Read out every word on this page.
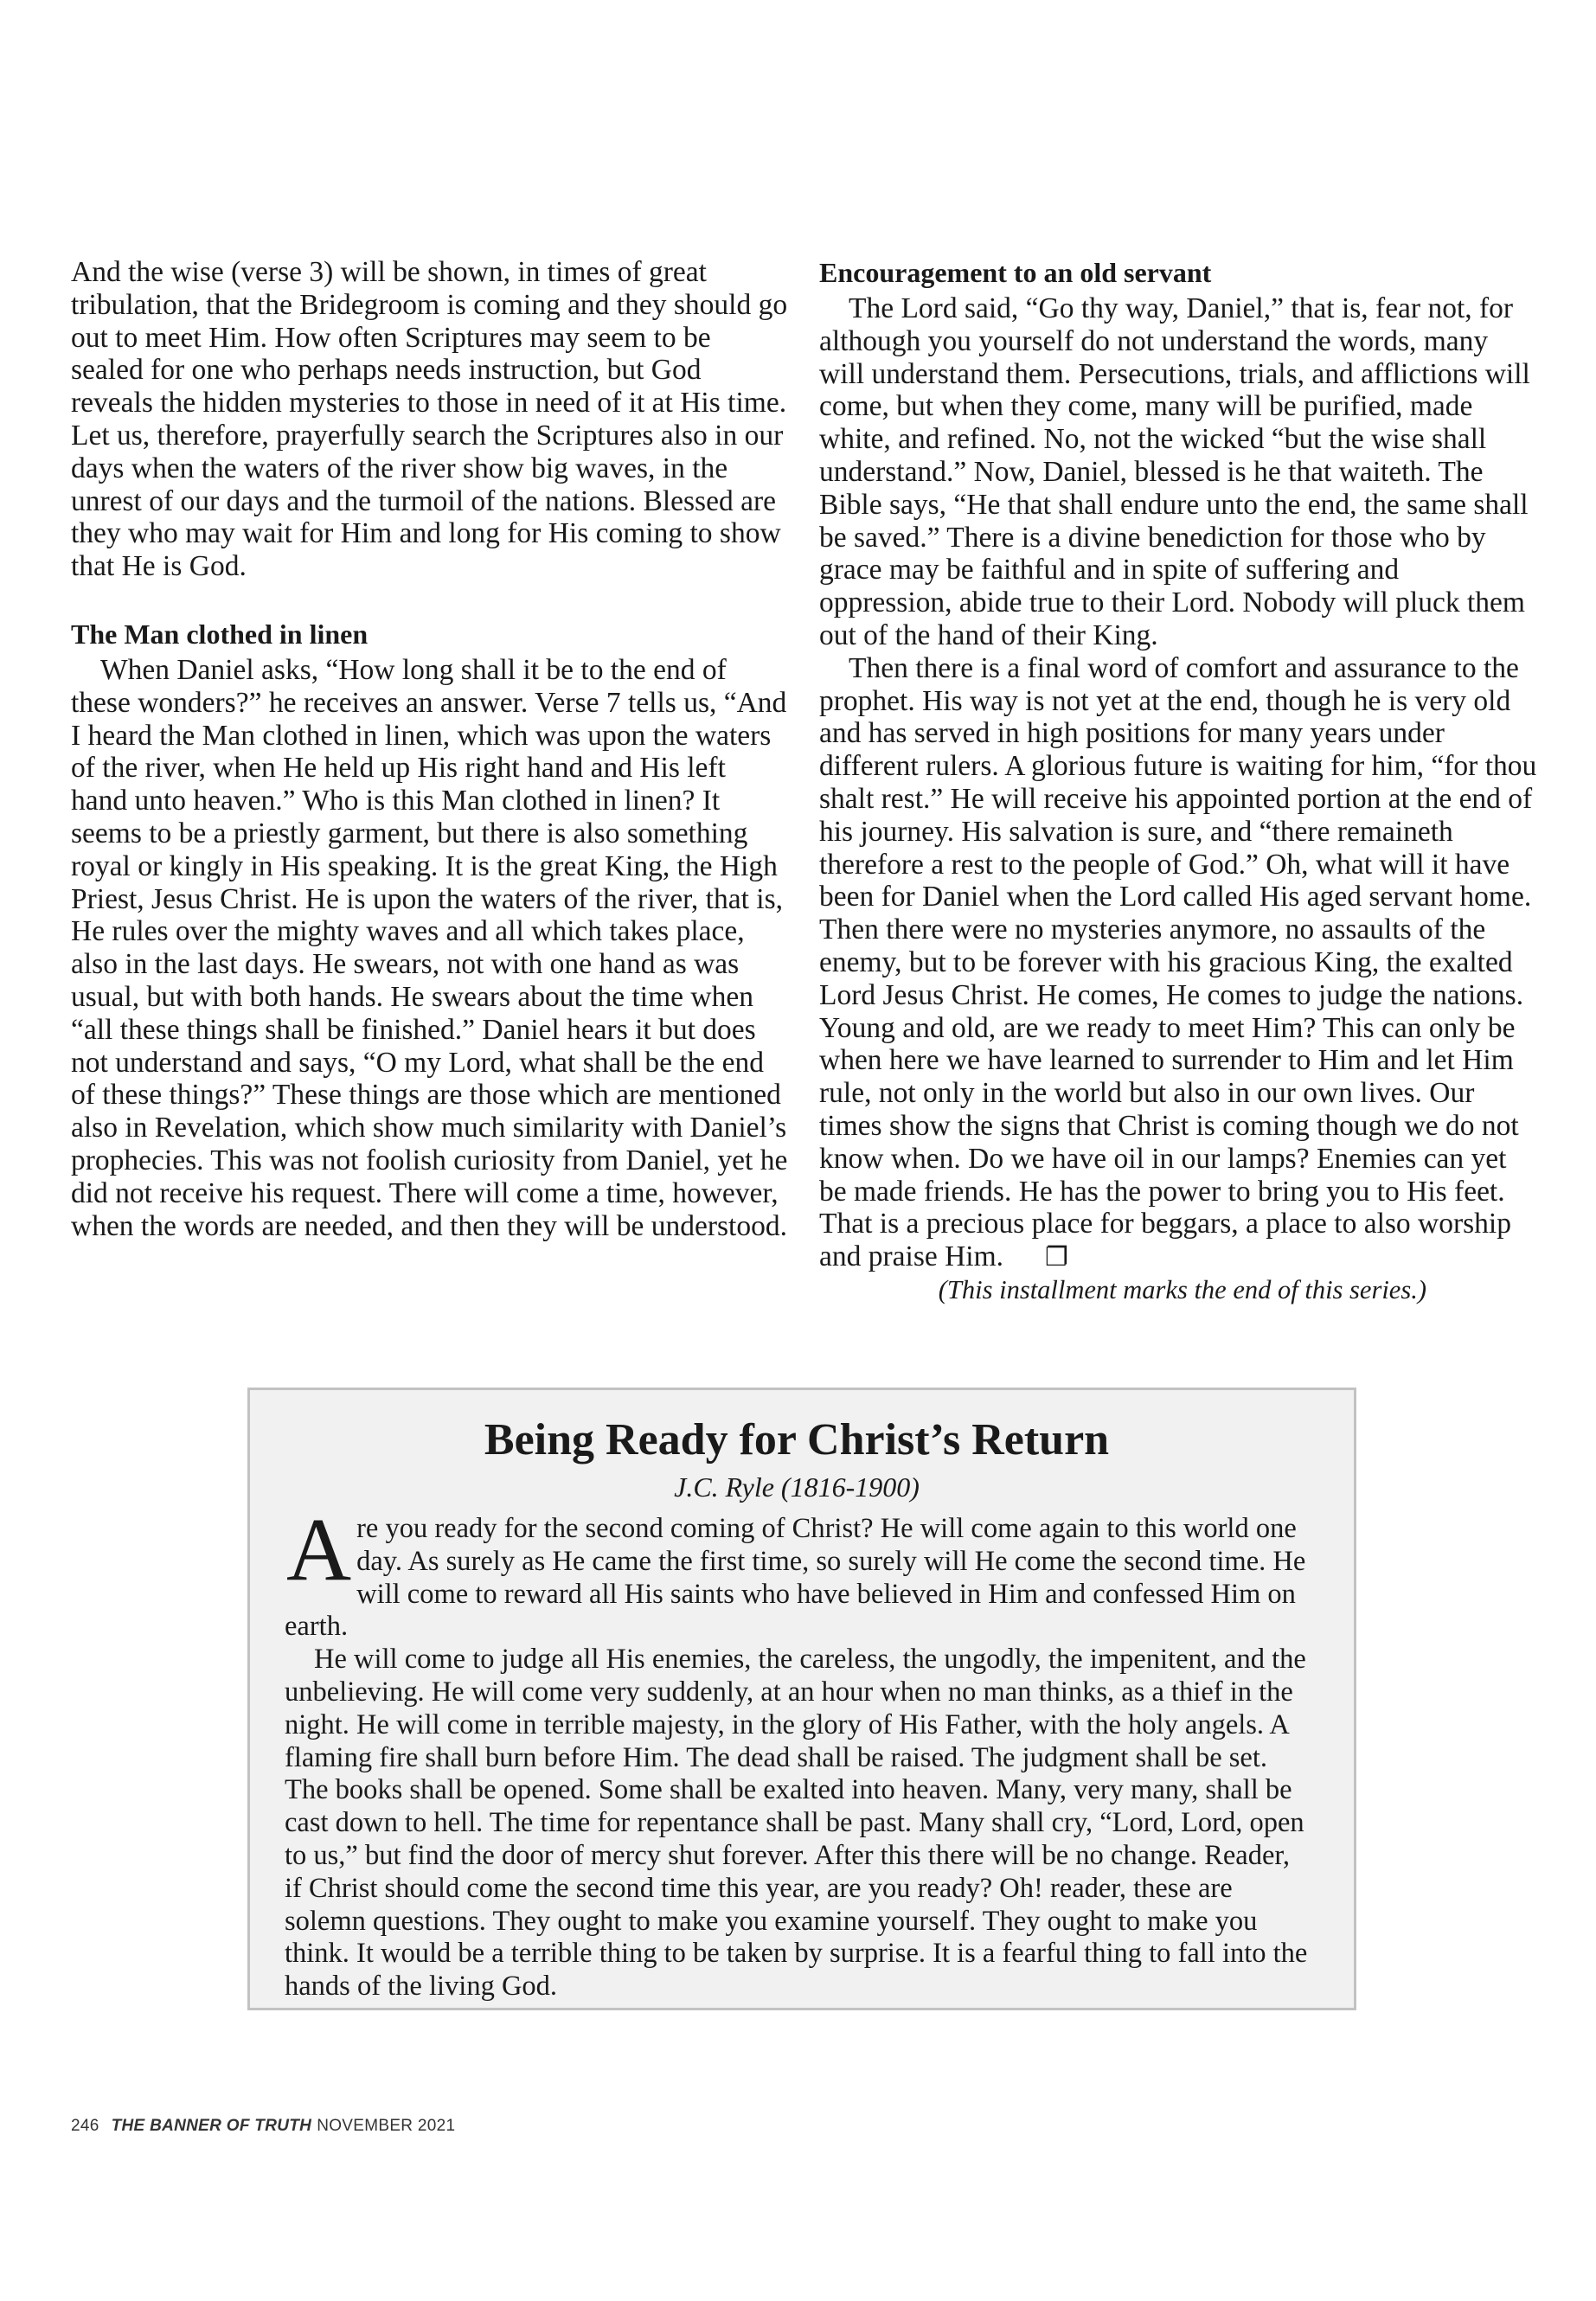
And the wise (verse 3) will be shown, in times of great tribulation, that the Bridegroom is coming and they should go out to meet Him. How often Scriptures may seem to be sealed for one who perhaps needs instruction, but God reveals the hidden mysteries to those in need of it at His time. Let us, therefore, prayerfully search the Scriptures also in our days when the waters of the river show big waves, in the unrest of our days and the turmoil of the nations. Blessed are they who may wait for Him and long for His coming to show that He is God.

The Man clothed in linen

When Daniel asks, “How long shall it be to the end of these wonders?” he receives an answer. Verse 7 tells us, “And I heard the Man clothed in linen, which was upon the waters of the river, when He held up His right hand and His left hand unto heaven.” Who is this Man clothed in linen? It seems to be a priestly garment, but there is also something royal or kingly in His speaking. It is the great King, the High Priest, Jesus Christ. He is upon the waters of the river, that is, He rules over the mighty waves and all which takes place, also in the last days. He swears, not with one hand as was usual, but with both hands. He swears about the time when “all these things shall be finished.” Daniel hears it but does not understand and says, “O my Lord, what shall be the end of these things?” These things are those which are mentioned also in Revelation, which show much similarity with Daniel’s prophecies. This was not foolish curiosity from Daniel, yet he did not receive his request. There will come a time, however, when the words are needed, and then they will be understood.

Encouragement to an old servant

The Lord said, “Go thy way, Daniel,” that is, fear not, for although you yourself do not understand the words, many will understand them. Persecutions, trials, and afflictions will come, but when they come, many will be purified, made white, and refined. No, not the wicked “but the wise shall understand.” Now, Daniel, blessed is he that waiteth. The Bible says, “He that shall endure unto the end, the same shall be saved.” There is a divine benediction for those who by grace may be faithful and in spite of suffering and oppression, abide true to their Lord. Nobody will pluck them out of the hand of their King.

Then there is a final word of comfort and assurance to the prophet. His way is not yet at the end, though he is very old and has served in high positions for many years under different rulers. A glorious future is waiting for him, “for thou shalt rest.” He will receive his appointed portion at the end of his journey. His salvation is sure, and “there remaineth therefore a rest to the people of God.” Oh, what will it have been for Daniel when the Lord called His aged servant home. Then there were no mysteries anymore, no assaults of the enemy, but to be forever with his gracious King, the exalted Lord Jesus Christ. He comes, He comes to judge the nations. Young and old, are we ready to meet Him? This can only be when here we have learned to surrender to Him and let Him rule, not only in the world but also in our own lives. Our times show the signs that Christ is coming though we do not know when. Do we have oil in our lamps? Enemies can yet be made friends. He has the power to bring you to His feet. That is a precious place for beggars, a place to also worship and praise Him. ❐

(This installment marks the end of this series.)

Being Ready for Christ’s Return
J.C. Ryle (1816-1900)

Are you ready for the second coming of Christ? He will come again to this world one day. As surely as He came the first time, so surely will He come the second time. He will come to reward all His saints who have believed in Him and confessed Him on earth.

He will come to judge all His enemies, the careless, the ungodly, the impenitent, and the unbelieving. He will come very suddenly, at an hour when no man thinks, as a thief in the night. He will come in terrible majesty, in the glory of His Father, with the holy angels. A flaming fire shall burn before Him. The dead shall be raised. The judgment shall be set. The books shall be opened. Some shall be exalted into heaven. Many, very many, shall be cast down to hell. The time for repentance shall be past. Many shall cry, “Lord, Lord, open to us,” but find the door of mercy shut forever. After this there will be no change. Reader, if Christ should come the second time this year, are you ready? Oh! reader, these are solemn questions. They ought to make you examine yourself. They ought to make you think. It would be a terrible thing to be taken by surprise. It is a fearful thing to fall into the hands of the living God.

246 THE BANNER OF TRUTH NOVEMBER 2021
